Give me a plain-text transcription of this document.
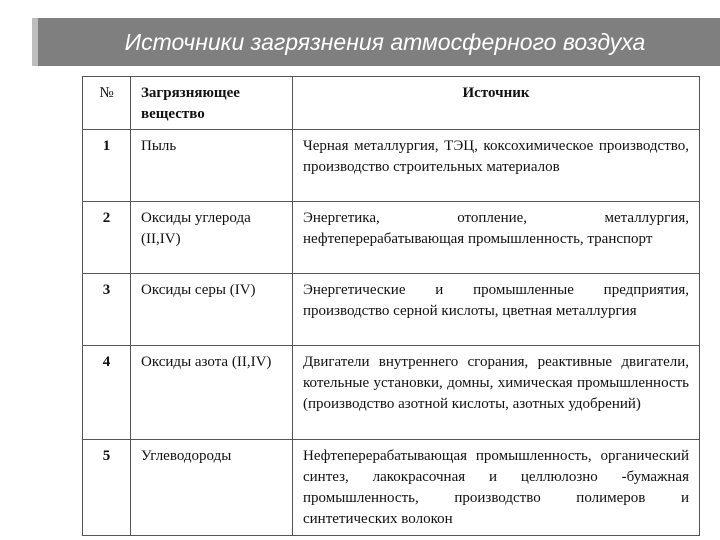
Источники загрязнения атмосферного воздуха
№	Загрязняющее вещество	Источник
1	Пыль	Черная металлургия, ТЭЦ, коксохимическое производство, производство строительных материалов
2	Оксиды углерода (II,IV)	Энергетика, отопление, металлургия, нефтеперерабатывающая промышленность, транспорт
3	Оксиды серы (IV)	Энергетические и промышленные предприятия, производство серной кислоты, цветная металлургия
4	Оксиды азота (II,IV)	Двигатели внутреннего сгорания, реактивные двигатели, котельные установки, домны, химическая промышленность (производство азотной кислоты, азотных удобрений)
5	Углеводороды	Нефтеперерабатывающая промышленность, органический синтез, лакокрасочная и целлюлозно -бумажная промышленность, производство полимеров и синтетических волокон
